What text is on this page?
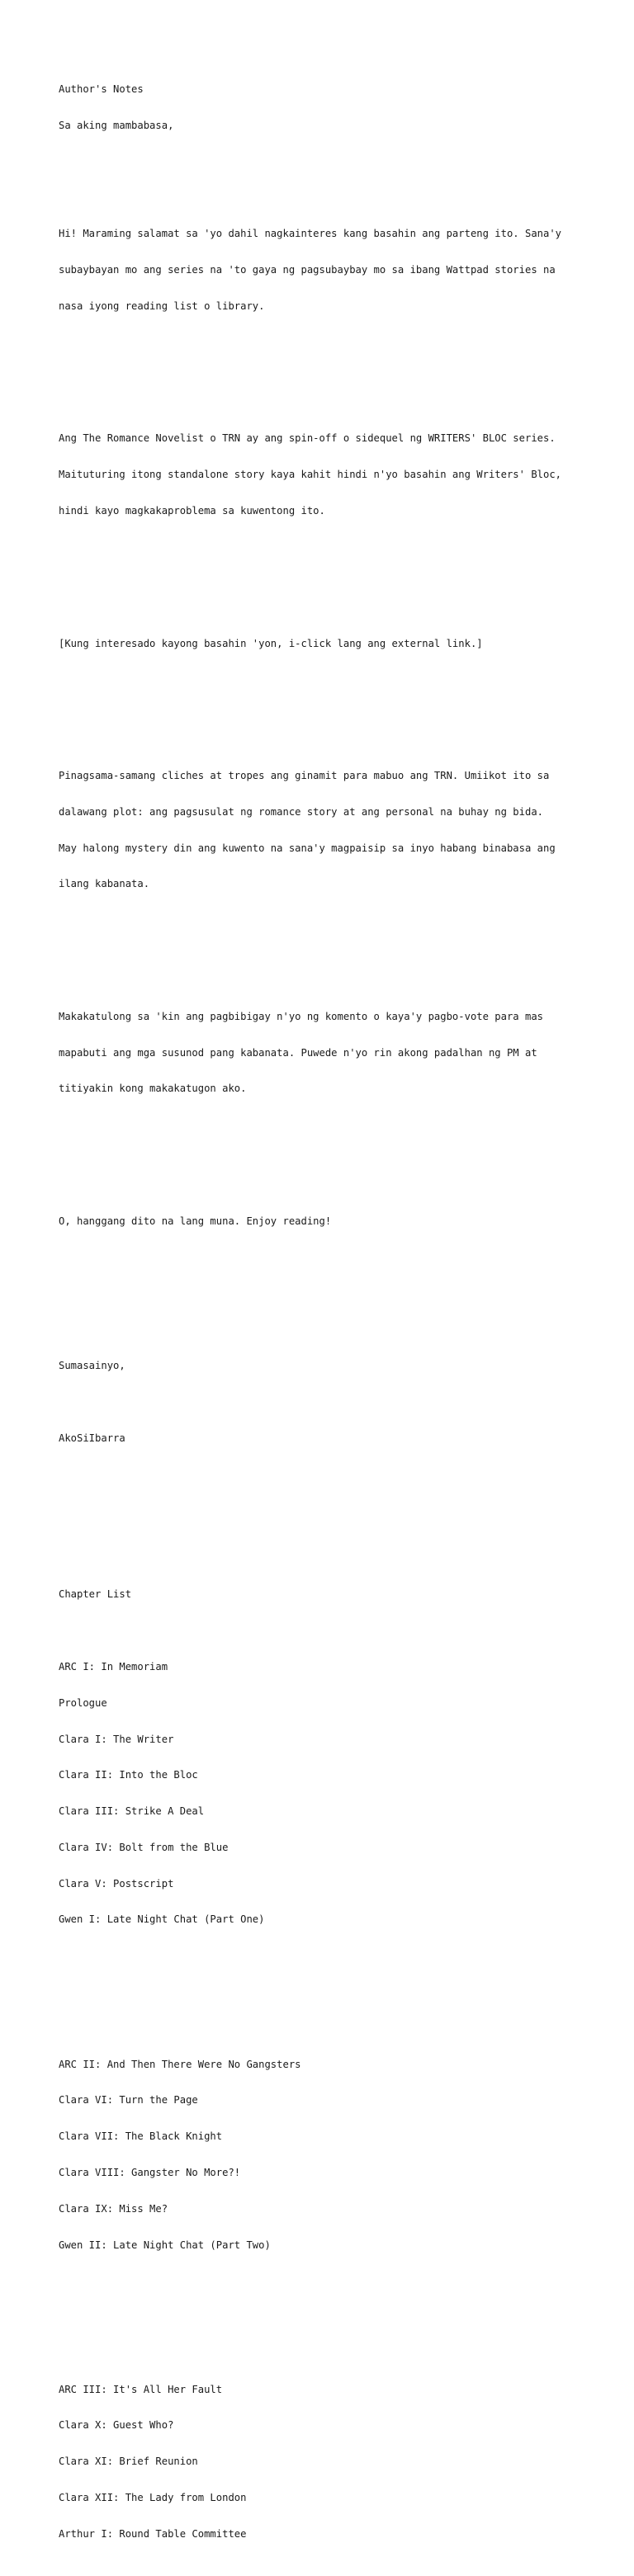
Author's Notes

Sa aking mambabasa,

Hi! Maraming salamat sa 'yo dahil nagkainteres kang basahin ang parteng ito. Sana'y

subaybayan mo ang series na 'to gaya ng pagsubaybay mo sa ibang Wattpad stories na

nasa iyong reading list o library.

Ang The Romance Novelist o TRN ay ang spin-off o sidequel ng WRITERS' BLOC series.

Maituturing itong standalone story kaya kahit hindi n'yo basahin ang Writers' Bloc,

hindi kayo magkakaproblema sa kuwentong ito.

[Kung interesado kayong basahin 'yon, i-click lang ang external link.]

Pinagsama-samang cliches at tropes ang ginamit para mabuo ang TRN. Umiikot ito sa

dalawang plot: ang pagsusulat ng romance story at ang personal na buhay ng bida.

May halong mystery din ang kuwento na sana'y magpaisip sa inyo habang binabasa ang

ilang kabanata.

Makakatulong sa 'kin ang pagbibigay n'yo ng komento o kaya'y pagbo-vote para mas

mapabuti ang mga susunod pang kabanata. Puwede n'yo rin akong padalhan ng PM at

titiyakin kong makakatugon ako.

O, hanggang dito na lang muna. Enjoy reading!

Sumasainyo,

AkoSiIbarra

Chapter List

ARC I: In Memoriam

Prologue

Clara I: The Writer

Clara II: Into the Bloc

Clara III: Strike A Deal

Clara IV: Bolt from the Blue

Clara V: Postscript

Gwen I: Late Night Chat (Part One)

ARC II: And Then There Were No Gangsters

Clara VI: Turn the Page

Clara VII: The Black Knight

Clara VIII: Gangster No More?!

Clara IX: Miss Me?

Gwen II: Late Night Chat (Part Two)

ARC III: It's All Her Fault

Clara X: Guest Who?

Clara XI: Brief Reunion

Clara XII: The Lady from London

Arthur I: Round Table Committee
